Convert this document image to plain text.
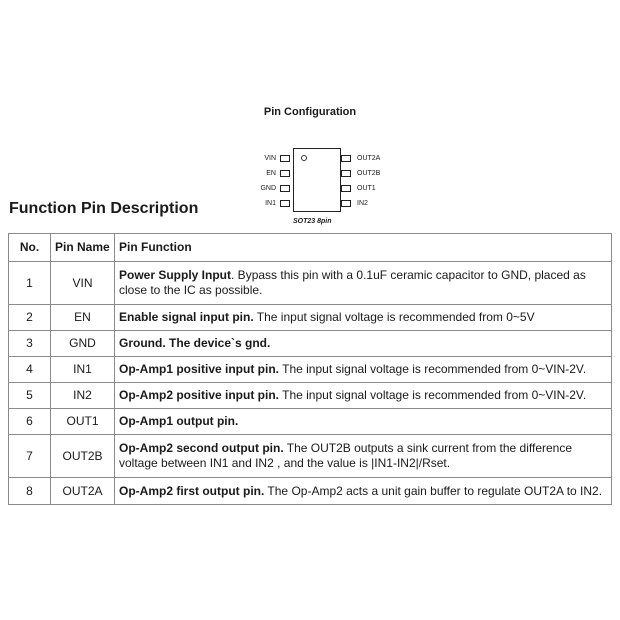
Pin Configuration
VIN
EN
GND
IN1
OUT2A
OUT2B
OUT1
IN2
SOT23 8pin
Function Pin Description
No.	Pin Name	Pin Function
1	VIN	Power Supply Input. Bypass this pin with a 0.1uF ceramic capacitor to GND, placed as close to the IC as possible.
2	EN	Enable signal input pin. The input signal voltage is recommended from 0~5V
3	GND	Ground. The device`s gnd.
4	IN1	Op-Amp1 positive input pin. The input signal voltage is recommended from 0~VIN-2V.
5	IN2	Op-Amp2 positive input pin. The input signal voltage is recommended from 0~VIN-2V.
6	OUT1	Op-Amp1 output pin.
7	OUT2B	Op-Amp2 second output pin. The OUT2B outputs a sink current from the difference voltage between IN1 and IN2 , and the value is |IN1-IN2|/Rset.
8	OUT2A	Op-Amp2 first output pin. The Op-Amp2 acts a unit gain buffer to regulate OUT2A to IN2.
